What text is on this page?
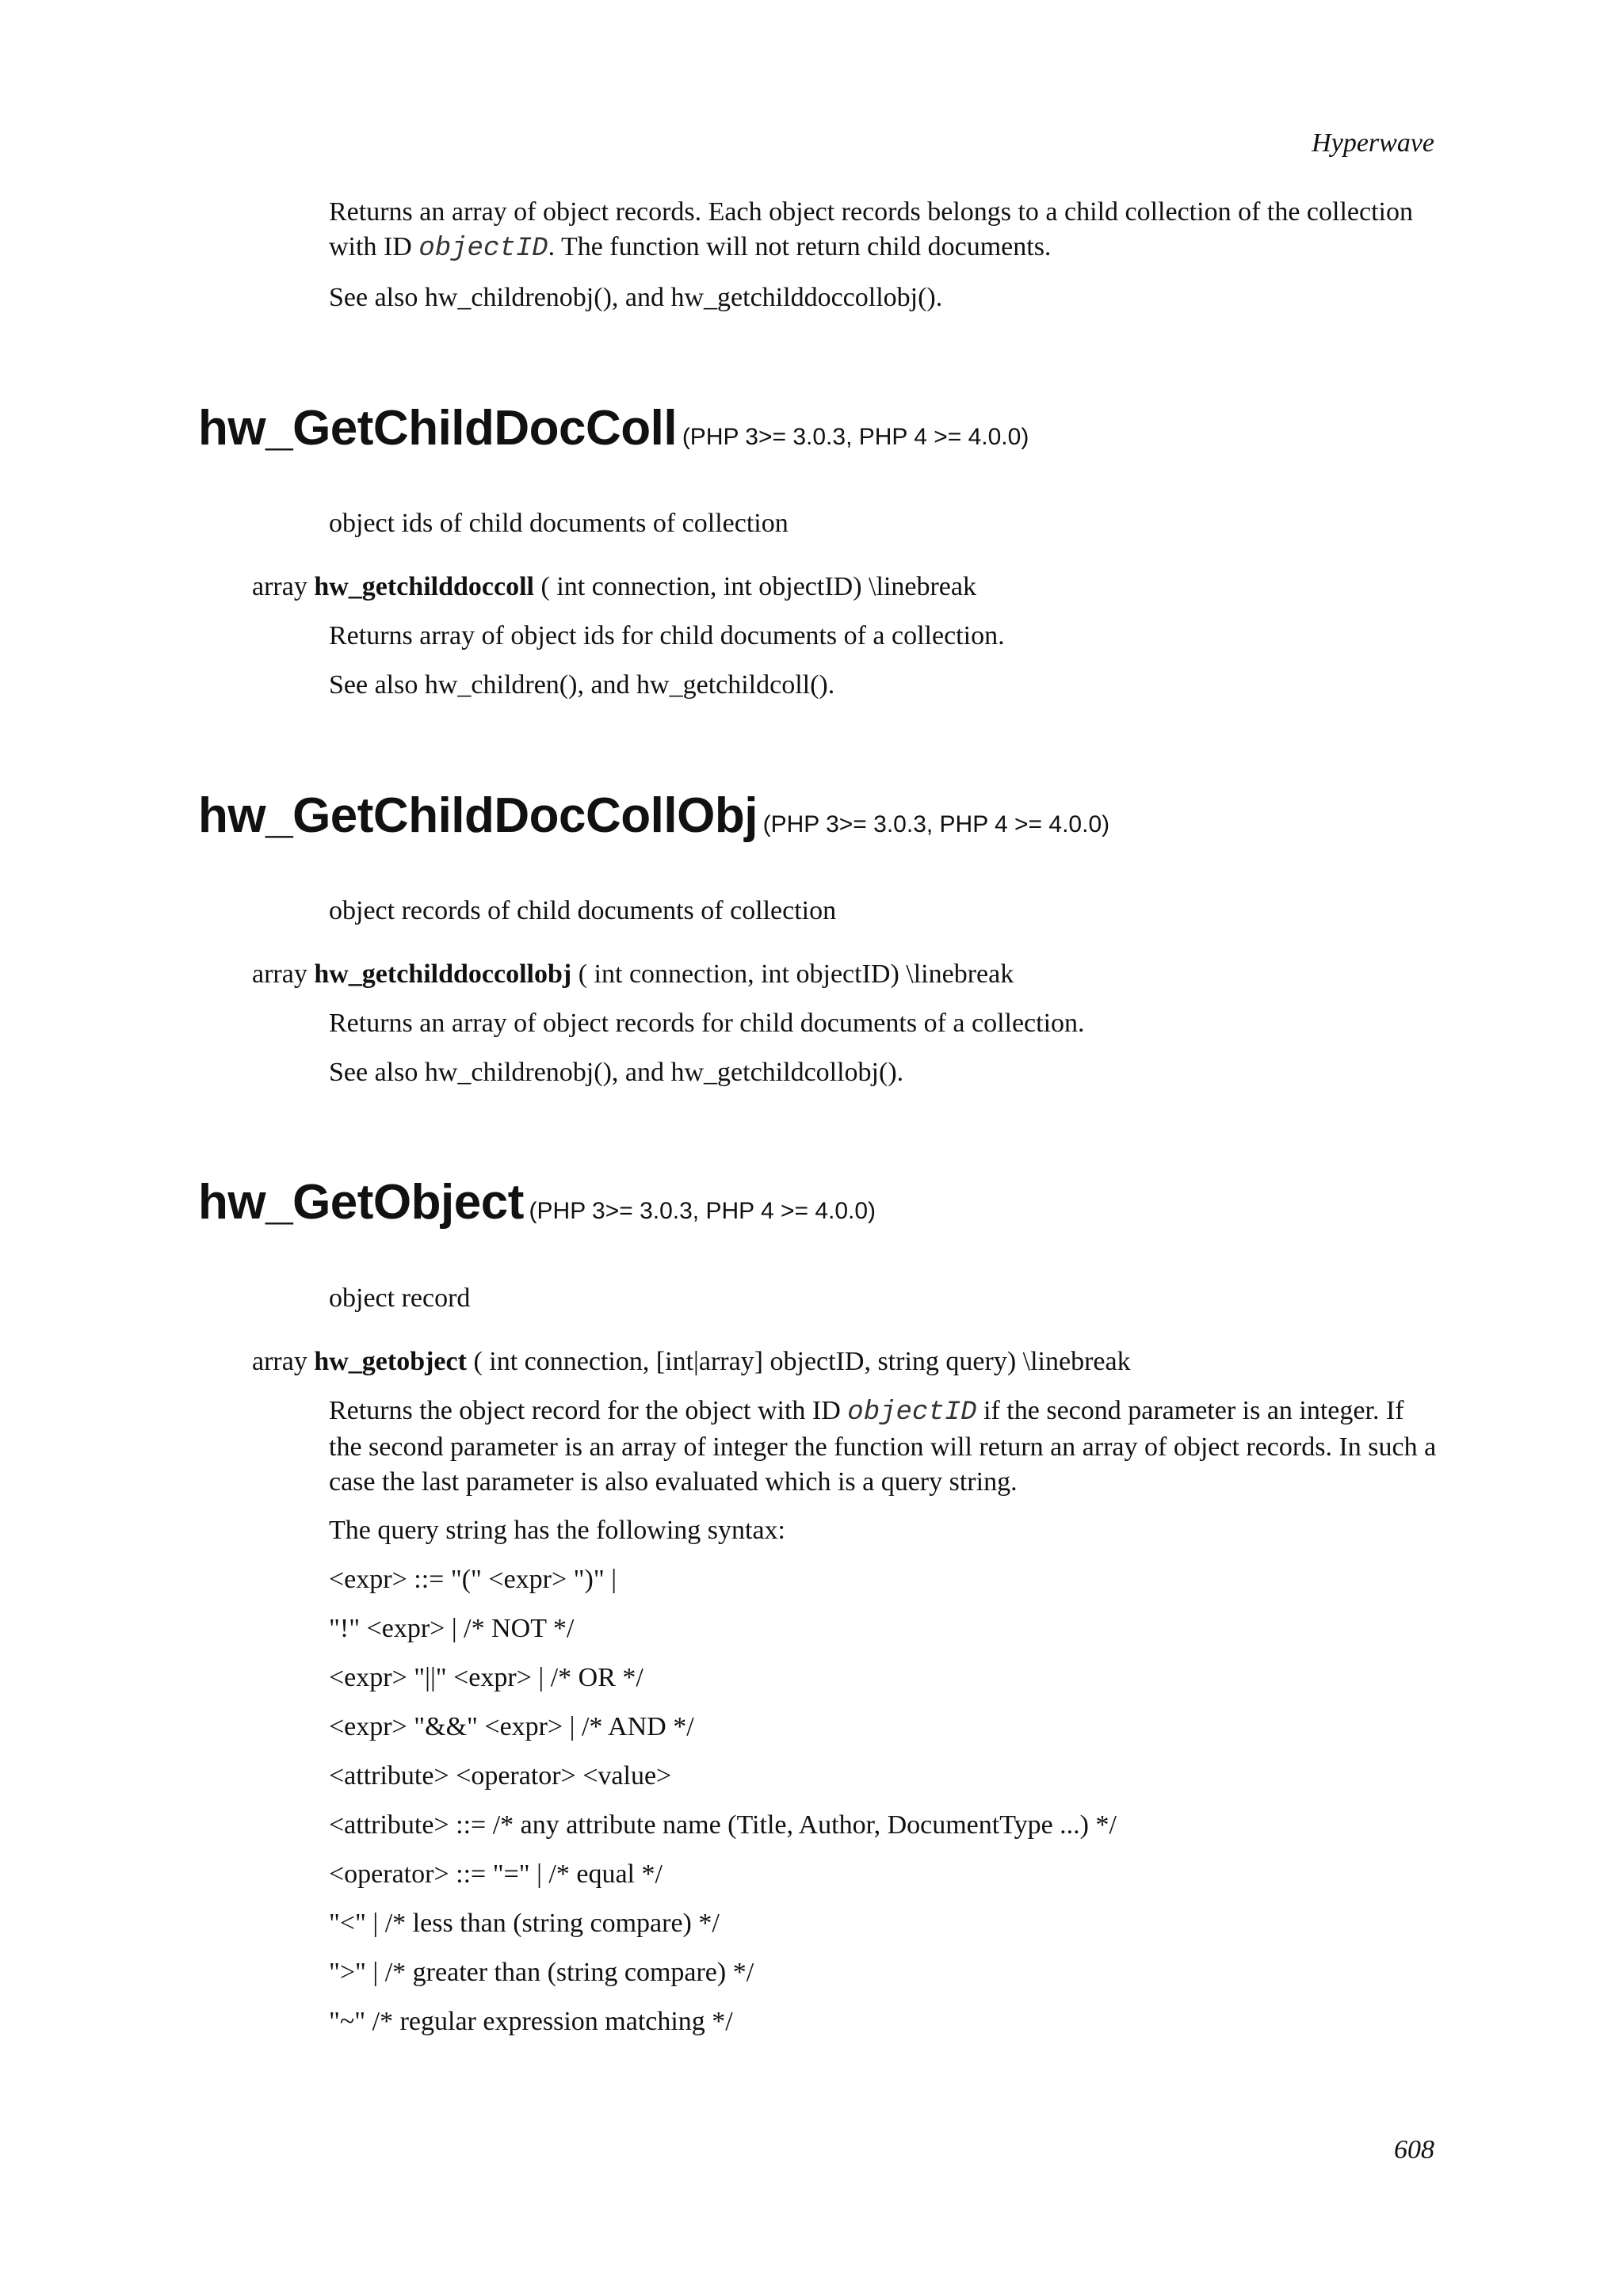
Hyperwave

Returns an array of object records. Each object records belongs to a child collection of the collection with ID objectID. The function will not return child documents.

See also hw_childrenobj(), and hw_getchilddoccollobj().

hw_GetChildDocColl (PHP 3>= 3.0.3, PHP 4 >= 4.0.0)

object ids of child documents of collection

array hw_getchilddoccoll ( int connection, int objectID) \linebreak

Returns array of object ids for child documents of a collection.

See also hw_children(), and hw_getchildcoll().

hw_GetChildDocCollObj (PHP 3>= 3.0.3, PHP 4 >= 4.0.0)

object records of child documents of collection

array hw_getchilddoccollobj ( int connection, int objectID) \linebreak

Returns an array of object records for child documents of a collection.

See also hw_childrenobj(), and hw_getchildcollobj().

hw_GetObject (PHP 3>= 3.0.3, PHP 4 >= 4.0.0)

object record

array hw_getobject ( int connection, [int|array] objectID, string query) \linebreak

Returns the object record for the object with ID objectID if the second parameter is an integer. If the second parameter is an array of integer the function will return an array of object records. In such a case the last parameter is also evaluated which is a query string.

The query string has the following syntax:

<expr> ::= "(" <expr> ")" |

"!" <expr> | /* NOT */

<expr> "||" <expr> | /* OR */

<expr> "&&" <expr> | /* AND */

<attribute> <operator> <value>

<attribute> ::= /* any attribute name (Title, Author, DocumentType ...) */

<operator> ::= "=" | /* equal */

"<" | /* less than (string compare) */

">" | /* greater than (string compare) */

"~" /* regular expression matching */

608
